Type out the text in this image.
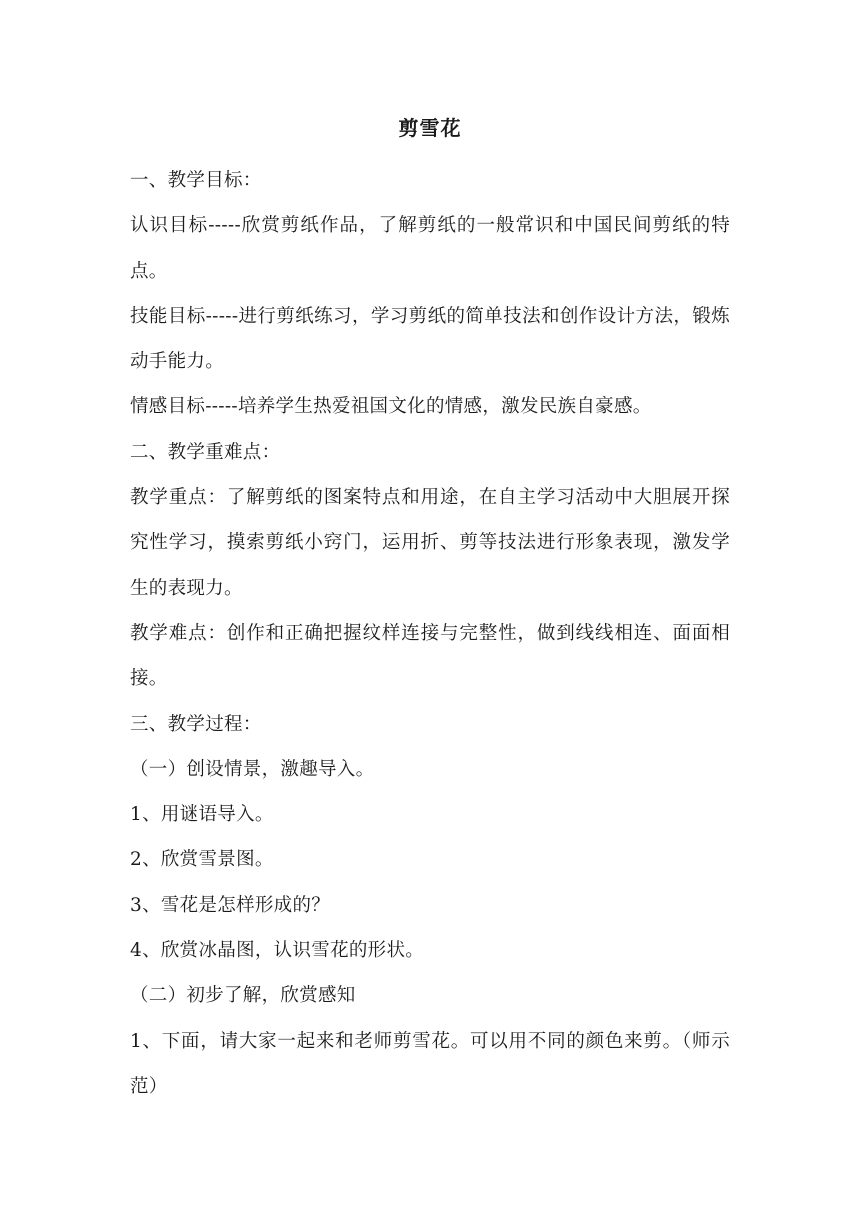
剪雪花

一、教学目标：

认识目标-----欣赏剪纸作品，了解剪纸的一般常识和中国民间剪纸的特点。

技能目标-----进行剪纸练习，学习剪纸的简单技法和创作设计方法，锻炼动手能力。

情感目标-----培养学生热爱祖国文化的情感，激发民族自豪感。

二、教学重难点：

教学重点：了解剪纸的图案特点和用途，在自主学习活动中大胆展开探究性学习，摸索剪纸小窍门，运用折、剪等技法进行形象表现，激发学生的表现力。

教学难点：创作和正确把握纹样连接与完整性，做到线线相连、面面相接。

三、教学过程：

（一）创设情景，激趣导入。

1、用谜语导入。

2、欣赏雪景图。

3、雪花是怎样形成的？

4、欣赏冰晶图，认识雪花的形状。

（二）初步了解，欣赏感知

1、下面，请大家一起来和老师剪雪花。可以用不同的颜色来剪。（师示范）
